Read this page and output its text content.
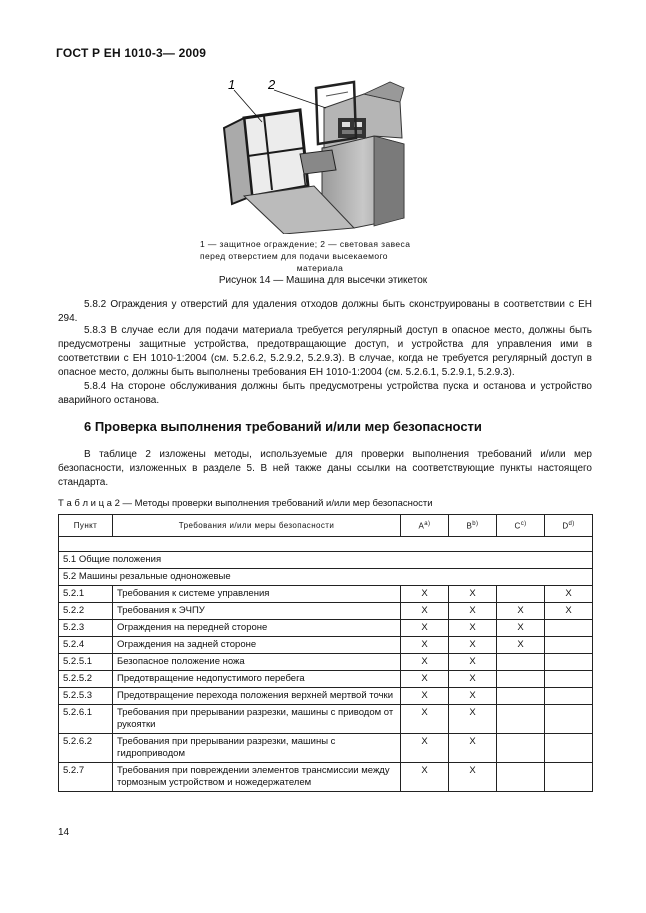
ГОСТ Р ЕН 1010-3— 2009
1	2
1 — защитное ограждение; 2 — световая завеса
перед отверстием для подачи высекаемого
материала
Рисунок 14 — Машина для высечки этикеток
5.8.2 Ограждения у отверстий для удаления отходов должны быть сконструированы в соответствии с ЕН 294.
5.8.3 В случае если для подачи материала требуется регулярный доступ в опасное место, должны быть предусмотрены защитные устройства, предотвращающие доступ, и устройства для управления ими в соответствии с ЕН 1010-1:2004 (см. 5.2.6.2, 5.2.9.2, 5.2.9.3). В случае, когда не требуется регулярный доступ в опасное место, должны быть выполнены требования ЕН 1010-1:2004 (см. 5.2.6.1, 5.2.9.1, 5.2.9.3).
5.8.4 На стороне обслуживания должны быть предусмотрены устройства пуска и останова и устройство аварийного останова.
6 Проверка выполнения требований и/или мер безопасности
В таблице 2 изложены методы, используемые для проверки выполнения требований и/или мер безопасности, изложенных в разделе 5. В ней также даны ссылки на соответствующие пункты настоящего стандарта.
Т а б л и ц а 2 — Методы проверки выполнения требований и/или мер безопасности
Пункт	Требования и/или меры безопасности	$A^{а)}$	$B^{b)}$	$C^{c)}$	$D^{d)}$

5.1 Общие положения					
5.2 Машины резальные одноножевые					
5.2.1	Требования к системе управления	X	X		X
5.2.2	Требования к ЭЧПУ	X	X	X	X
5.2.3	Ограждения на передней стороне	X	X	X	
5.2.4	Ограждения на задней стороне	X	X	X	
5.2.5.1	Безопасное положение ножа	X	X		
5.2.5.2	Предотвращение недопустимого перебега	X	X		
5.2.5.3	Предотвращение перехода положения верхней мертвой точки	X	X		
5.2.6.1	Требования при прерывании разрезки, машины с приводом от рукоятки	X	X		
5.2.6.2	Требования при прерывании разрезки, машины с гидроприводом	X	X		
5.2.7	Требования при повреждении элементов трансмиссии между тормозным устройством и ножедержателем	X	X		
14
